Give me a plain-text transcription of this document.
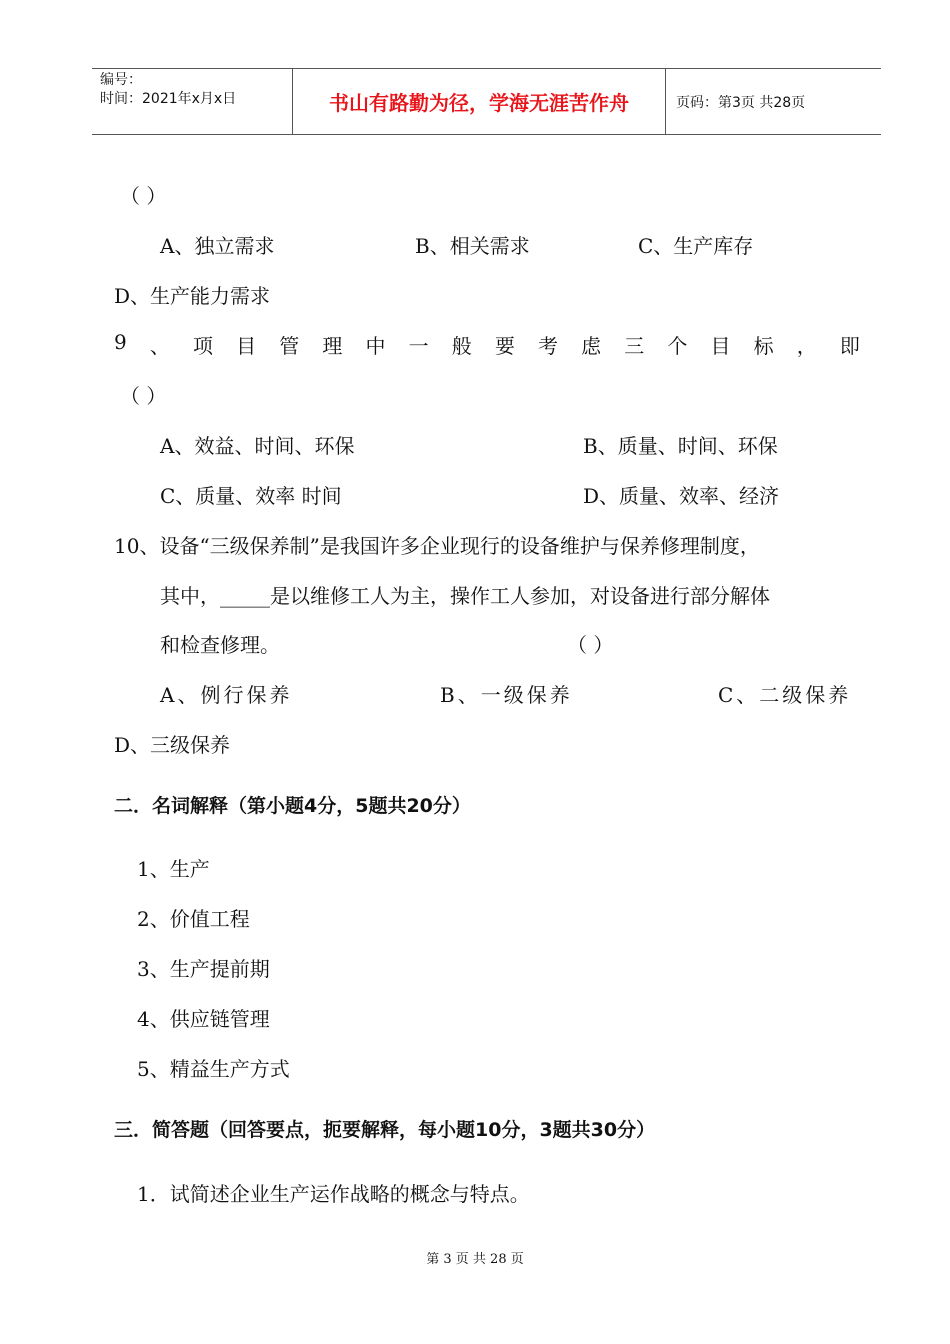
编号：
时间：2021年x月x日	书山有路勤为径，学海无涯苦作舟	页码：第3页 共28页
（ ）
A、独立需求	B、相关需求	C、生产库存
D、生产能力需求
9 、 项 目 管 理 中 一 般 要 考 虑 三 个 目 标 ， 即
（ ）
A、效益、时间、环保	B、质量、时间、环保
C、质量、效率 时间	D、质量、效率、经济
10、设备“三级保养制”是我国许多企业现行的设备维护与保养修理制度，
其中，_____是以维修工人为主，操作工人参加，对设备进行部分解体
和检查修理。	（ ）
A、例行保养	B、一级保养	C、二级保养
D、三级保养
二．名词解释（第小题4分，5题共20分）
1、生产
2、价值工程
3、生产提前期
4、供应链管理
5、精益生产方式
三．简答题（回答要点，扼要解释，每小题10分，3题共30分）
1．试简述企业生产运作战略的概念与特点。
第 3 页 共 28 页
